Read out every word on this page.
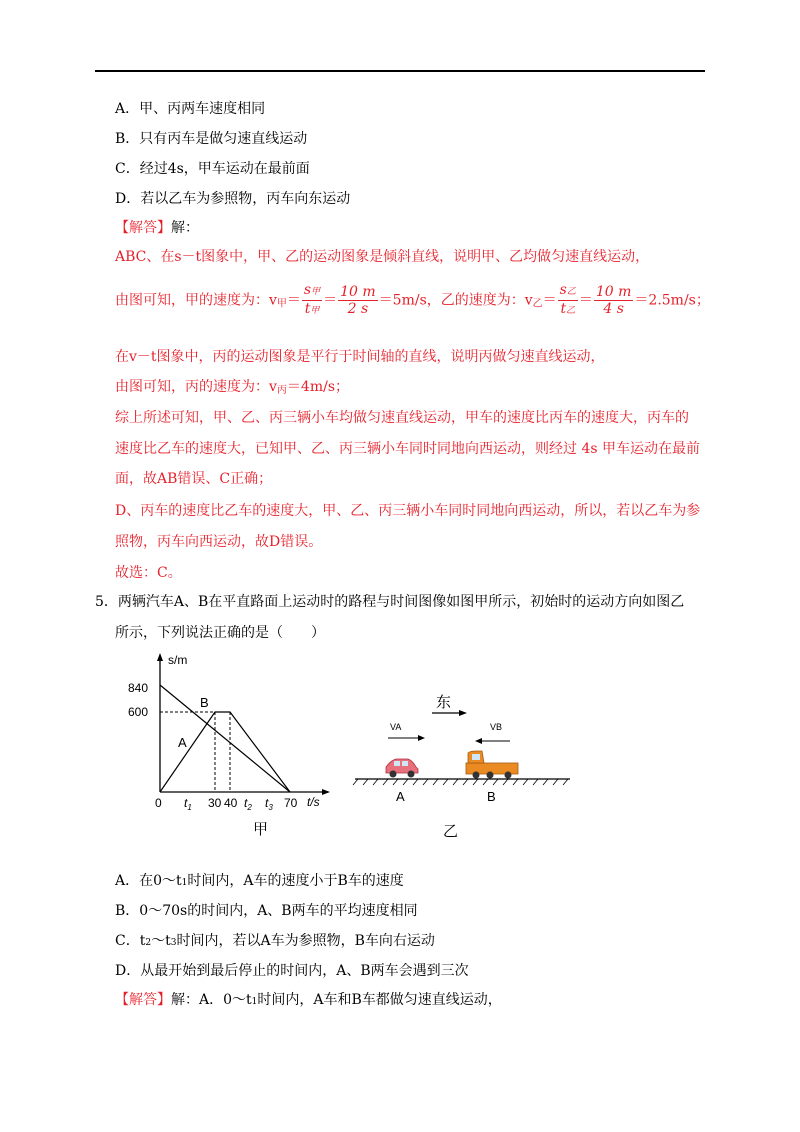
A．甲、丙两车速度相同
B．只有丙车是做匀速直线运动
C．经过4s，甲车运动在最前面
D．若以乙车为参照物，丙车向东运动
【解答】解：
ABC、在s－t图象中，甲、乙的运动图象是倾斜直线，说明甲、乙均做匀速直线运动，
由图可知，甲的速度为：v甲＝ $\frac{\text{s甲}}{\text{t甲}} = \frac{10 m}{2 s} =5m/s$，乙的速度为：v乙＝ $\frac{\text{s乙}}{\text{t乙}} = \frac{10 m}{4 s} =2.5m/s$；
在v－t图象中，丙的运动图象是平行于时间轴的直线，说明丙做匀速直线运动，
由图可知，丙的速度为：v丙＝4m/s；
综上所述可知，甲、乙、丙三辆小车均做匀速直线运动，甲车的速度比丙车的速度大，丙车的
速度比乙车的速度大，已知甲、乙、丙三辆小车同时同地向西运动，则经过 4s 甲车运动在最前
面，故AB错误、C正确；
D、丙车的速度比乙车的速度大，甲、乙、丙三辆小车同时同地向西运动，所以，若以乙车为参
照物，丙车向西运动，故D错误。
故选：C。
5．两辆汽车A、B在平直路面上运动时的路程与时间图像如图甲所示，初始时的运动方向如图乙
所示，下列说法正确的是（　　）
s/m
t/s
840
600
0 $t_1$ 30 40 $t_2$ $t_3$ 70
B
A
甲
东
VA	VB
A	B
乙
A．在0～t1时间内，A车的速度小于B车的速度
B．0～70s的时间内，A、B两车的平均速度相同
C．t2～t3时间内，若以A车为参照物，B车向右运动
D．从最开始到最后停止的时间内，A、B两车会遇到三次
【解答】解：A．0～t1时间内，A车和B车都做匀速直线运动，
